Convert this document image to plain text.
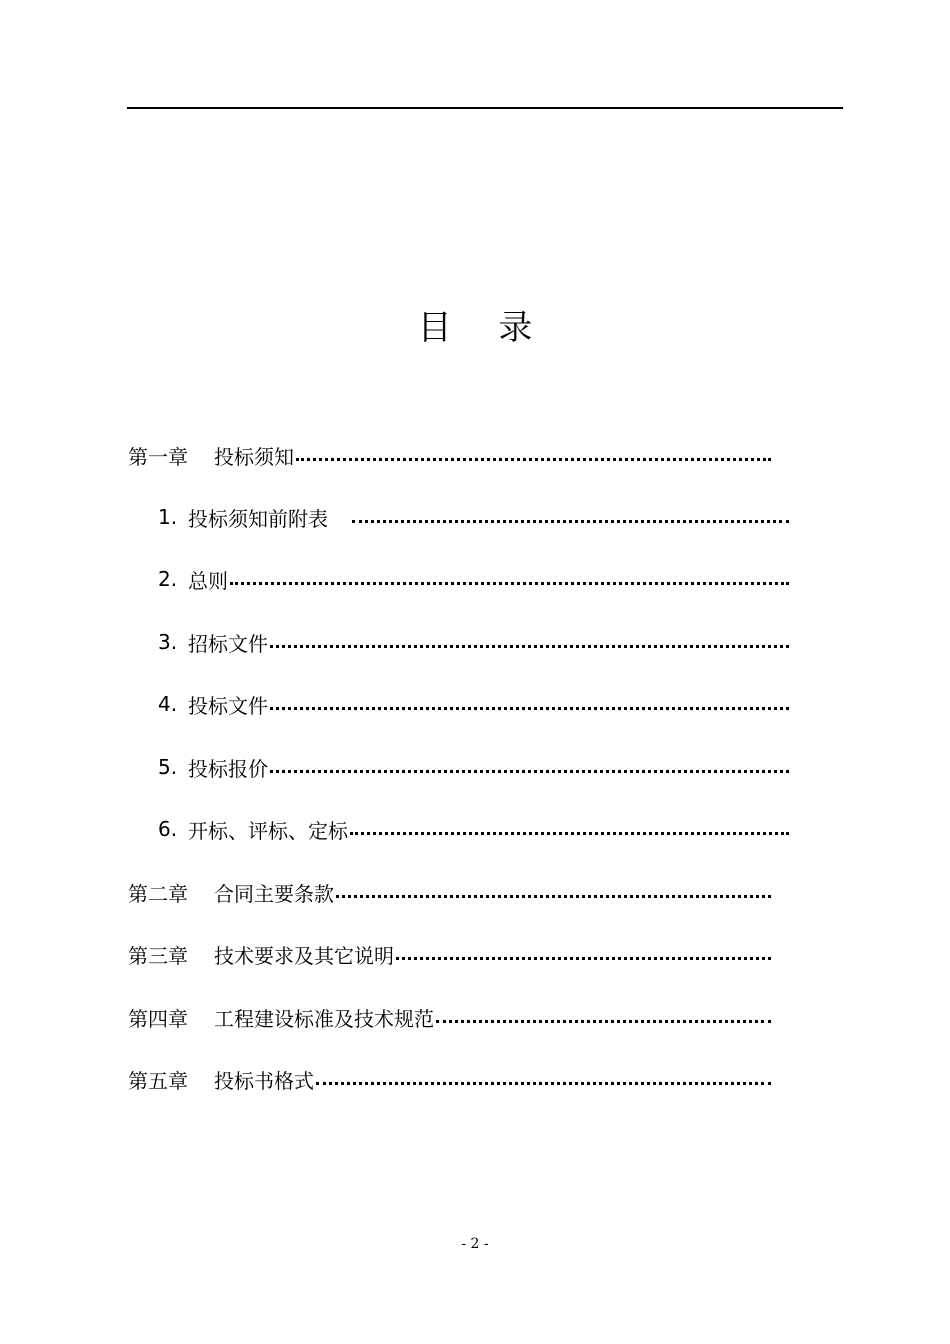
目 录
第一章	投标须知
1. 投标须知前附表
2. 总则
3. 招标文件
4. 投标文件
5. 投标报价
6. 开标、评标、定标
第二章	合同主要条款
第三章	技术要求及其它说明
第四章	工程建设标准及技术规范
第五章	投标书格式
- 2 -
